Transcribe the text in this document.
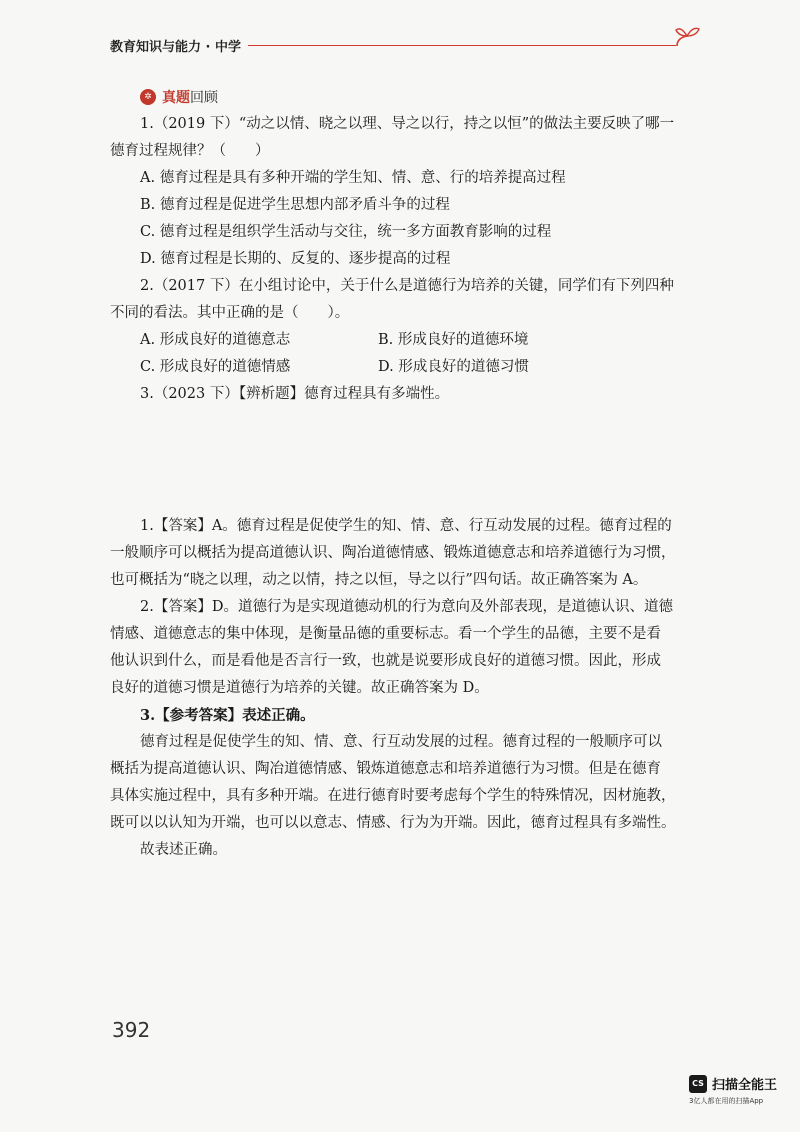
教育知识与能力 · 中学
✲ 真题 回顾
1.（2019 下）“动之以情、晓之以理、导之以行，持之以恒”的做法主要反映了哪一
德育过程规律？（　　）
A. 德育过程是具有多种开端的学生知、情、意、行的培养提高过程
B. 德育过程是促进学生思想内部矛盾斗争的过程
C. 德育过程是组织学生活动与交往，统一多方面教育影响的过程
D. 德育过程是长期的、反复的、逐步提高的过程
2.（2017 下）在小组讨论中，关于什么是道德行为培养的关键，同学们有下列四种
不同的看法。其中正确的是（　　）。
A. 形成良好的道德意志	B. 形成良好的道德环境
C. 形成良好的道德情感	D. 形成良好的道德习惯
3.（2023 下）【辨析题】德育过程具有多端性。
1.【答案】A。德育过程是促使学生的知、情、意、行互动发展的过程。德育过程的
一般顺序可以概括为提高道德认识、陶冶道德情感、锻炼道德意志和培养道德行为习惯，
也可概括为“晓之以理，动之以情，持之以恒，导之以行”四句话。故正确答案为 A。
2.【答案】D。道德行为是实现道德动机的行为意向及外部表现，是道德认识、道德
情感、道德意志的集中体现，是衡量品德的重要标志。看一个学生的品德，主要不是看
他认识到什么，而是看他是否言行一致，也就是说要形成良好的道德习惯。因此，形成
良好的道德习惯是道德行为培养的关键。故正确答案为 D。
3.【参考答案】表述正确。
德育过程是促使学生的知、情、意、行互动发展的过程。德育过程的一般顺序可以
概括为提高道德认识、陶冶道德情感、锻炼道德意志和培养道德行为习惯。但是在德育
具体实施过程中，具有多种开端。在进行德育时要考虑每个学生的特殊情况，因材施教，
既可以以认知为开端，也可以以意志、情感、行为为开端。因此，德育过程具有多端性。
故表述正确。
392
CS 扫描全能王
3亿人都在用的扫描App
